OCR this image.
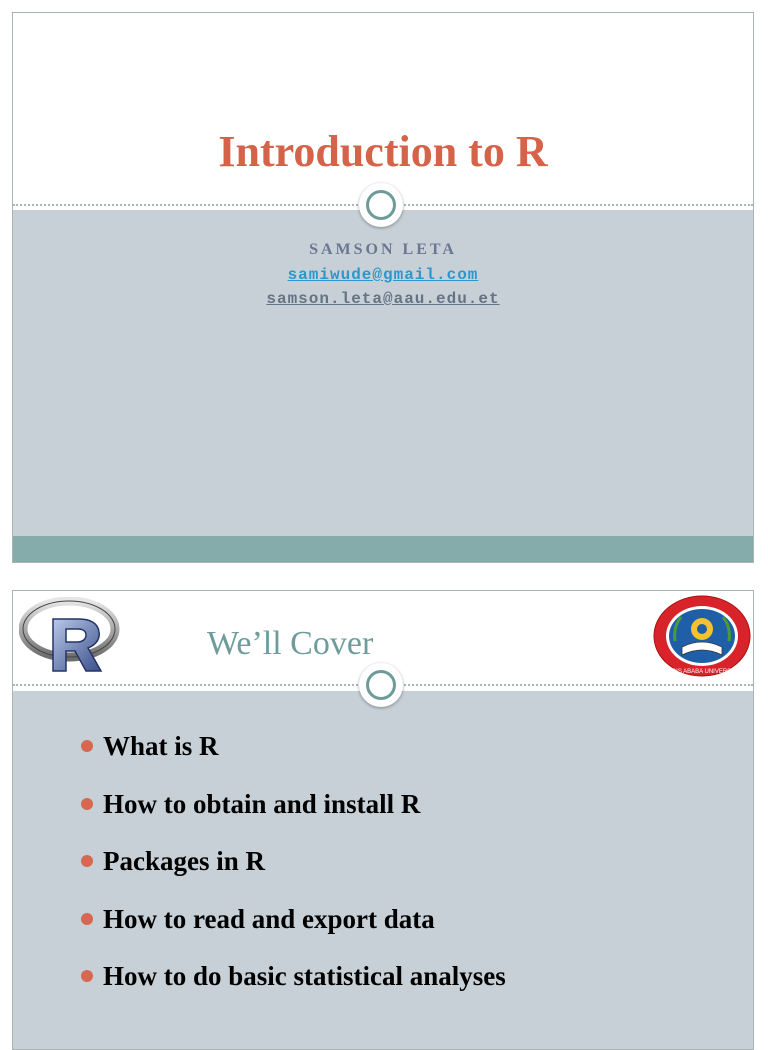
Introduction to R
SAMSON LETA
samiwude@gmail.com
samson.leta@aau.edu.et
We’ll Cover
ADDIS ABABA UNIVERSITY
What is R
How to obtain and install R
Packages in R
How to read and export data
How to do basic statistical analyses
